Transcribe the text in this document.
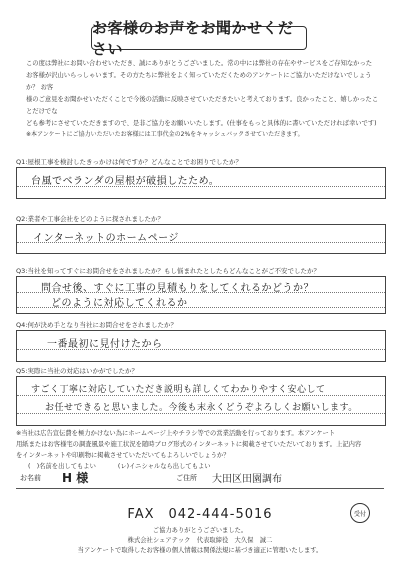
お客様のお声をお聞かせください

この度は弊社にお問い合わせいただき、誠にありがとうございました。常の中には弊社の存在やサービスをご存知なかった

お客様が沢山いらっしゃいます。その方たちに弊社をよく知っていただくためのアンケートにご協力いただけないでしょうか？ お客

様のご意見をお聞かせいただくことで今後の活動に反映させていただきたいと考えております。良かったこと、嬉しかったことだけでな

ども参考にさせていただきますので、是非ご協力をお願いいたします。(仕事をもっと具体的に書いていただければ幸いです)

※本アンケートにご協力いただいたお客様には工事代金の2%をキャッシュバックさせていただきます。

Q1:屋根工事を検討したきっかけは何ですか？どんなことでお困りでしたか？
台風でベランダの屋根が破損したため。
Q2:業者や工事会社をどのように探されましたか？
インターネットのホームページ
Q3:当社を知ってすぐにお問合せをされましたか？もし悩まれたとしたらどんなことがご不安でしたか？
問合せ後、すぐに工事の見積もりをしてくれるかどうか？
どのように対応してくれるか
Q4:何が決め手となり当社にお問合せをされましたか？
一番最初に見付けたから
Q5:実際に当社の対応はいかがでしたか？
すごく丁寧に対応していただき説明も詳しくてわかりやすく安心して
お任せできると思いました。今後も末永くどうぞよろしくお願いします。

※当社は広告宣伝費を極力かけない為にホームページ上やチラシ等での営業活動を行っております。本アンケート

用紙またはお客様宅の調査風景や施工状況を随時ブログ形式のインターネットに掲載させていただいております。上記内容

をインターネットや印刷物に掲載させていただいてもよろしいでしょうか？

(　)名前を出してもよい	(レ)イニシャルなら出してもよい
お名前 H 様	ご住所 大田区田園調布
FAX　042-444-5016	受付

ご協力ありがとうございました。

株式会社シェアテック　代表取締役　大久保　誠二

当アンケートで取得したお客様の個人情報は関係法規に基づき適正に管理いたします。
